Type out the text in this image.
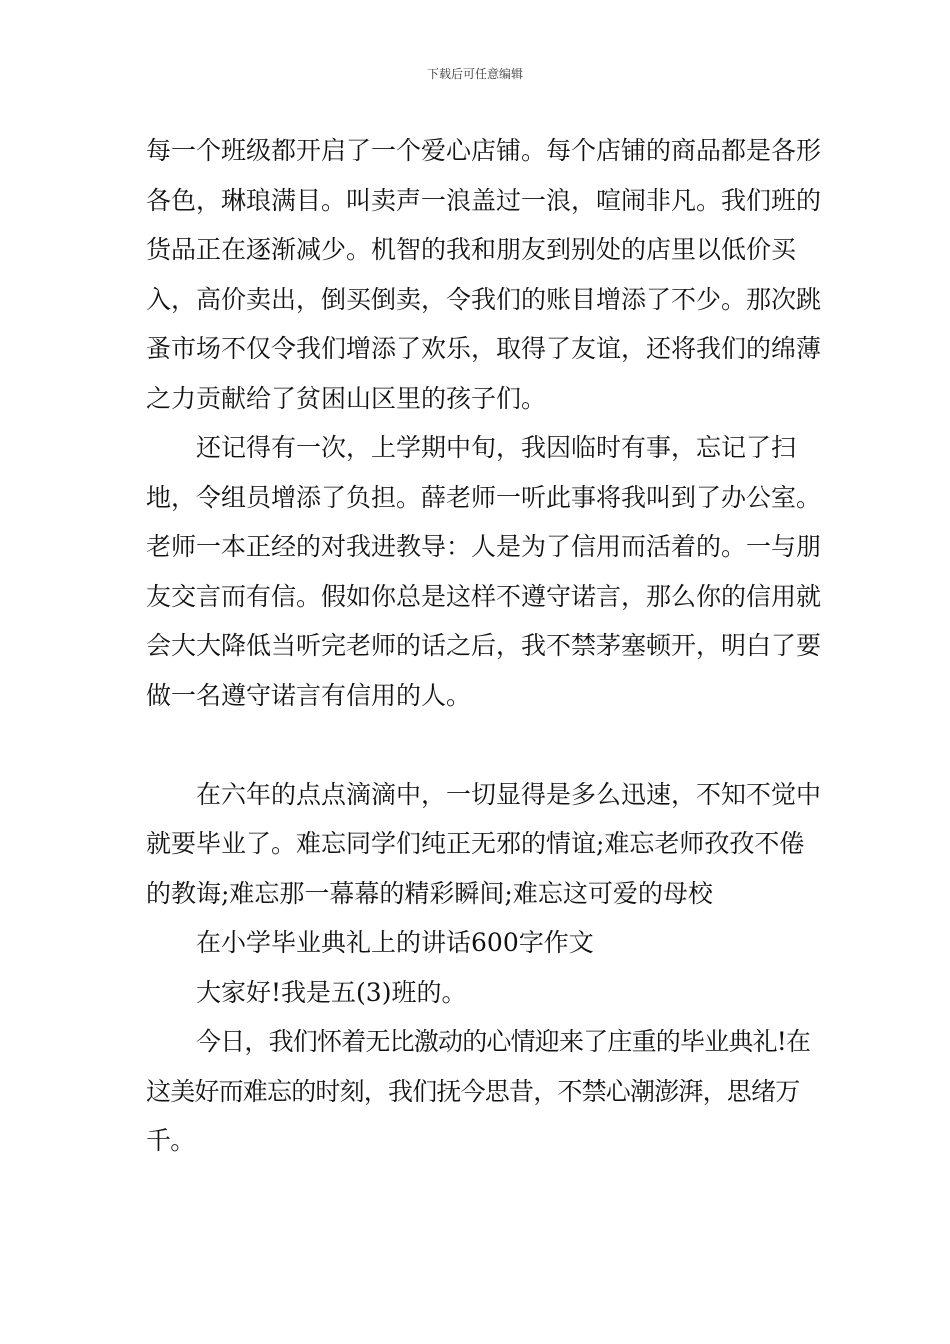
下载后可任意编辑

每一个班级都开启了一个爱心店铺。每个店铺的商品都是各形各色，琳琅满目。叫卖声一浪盖过一浪，喧闹非凡。我们班的货品正在逐渐减少。机智的我和朋友到别处的店里以低价买入，高价卖出，倒买倒卖，令我们的账目增添了不少。那次跳蚤市场不仅令我们增添了欢乐，取得了友谊，还将我们的绵薄之力贡献给了贫困山区里的孩子们。

还记得有一次，上学期中旬，我因临时有事，忘记了扫地，令组员增添了负担。薛老师一听此事将我叫到了办公室。老师一本正经的对我进教导：人是为了信用而活着的。一与朋友交言而有信。假如你总是这样不遵守诺言，那么你的信用就会大大降低当听完老师的话之后，我不禁茅塞顿开，明白了要做一名遵守诺言有信用的人。

在六年的点点滴滴中，一切显得是多么迅速，不知不觉中就要毕业了。难忘同学们纯正无邪的情谊;难忘老师孜孜不倦的教诲;难忘那一幕幕的精彩瞬间;难忘这可爱的母校

在小学毕业典礼上的讲话600字作文

大家好!我是五(3)班的。

今日，我们怀着无比激动的心情迎来了庄重的毕业典礼!在这美好而难忘的时刻，我们抚今思昔，不禁心潮澎湃，思绪万千。
